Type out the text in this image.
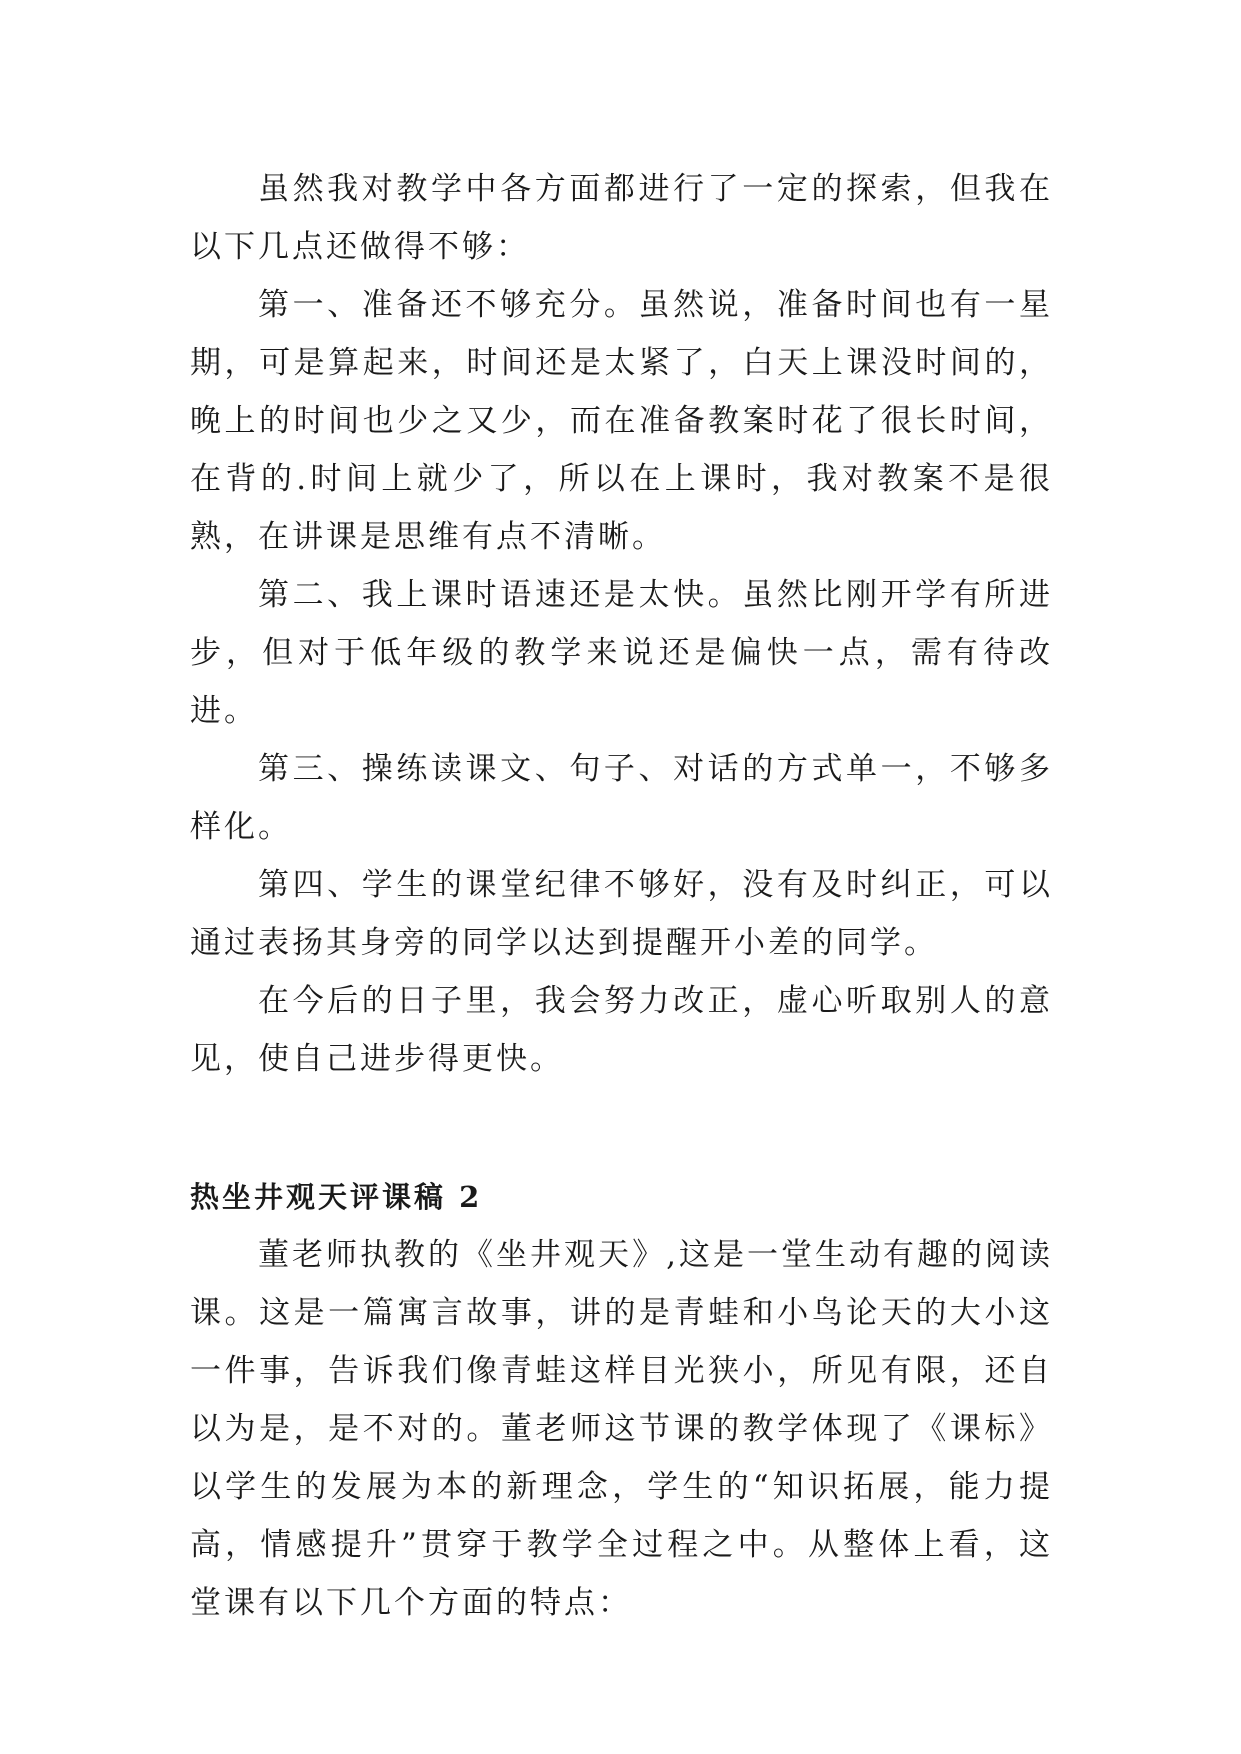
虽然我对教学中各方面都进行了一定的探索，但我在以下几点还做得不够：

第一、准备还不够充分。虽然说，准备时间也有一星期，可是算起来，时间还是太紧了，白天上课没时间的，晚上的时间也少之又少，而在准备教案时花了很长时间，在背的.时间上就少了，所以在上课时，我对教案不是很熟，在讲课是思维有点不清晰。

第二、我上课时语速还是太快。虽然比刚开学有所进步，但对于低年级的教学来说还是偏快一点，需有待改进。

第三、操练读课文、句子、对话的方式单一，不够多样化。

第四、学生的课堂纪律不够好，没有及时纠正，可以通过表扬其身旁的同学以达到提醒开小差的同学。

在今后的日子里，我会努力改正，虚心听取别人的意见，使自己进步得更快。

热坐井观天评课稿 2

董老师执教的《坐井观天》,这是一堂生动有趣的阅读课。这是一篇寓言故事，讲的是青蛙和小鸟论天的大小这一件事，告诉我们像青蛙这样目光狭小，所见有限，还自以为是，是不对的。董老师这节课的教学体现了《课标》以学生的发展为本的新理念，学生的“知识拓展，能力提高，情感提升”贯穿于教学全过程之中。从整体上看，这堂课有以下几个方面的特点：
